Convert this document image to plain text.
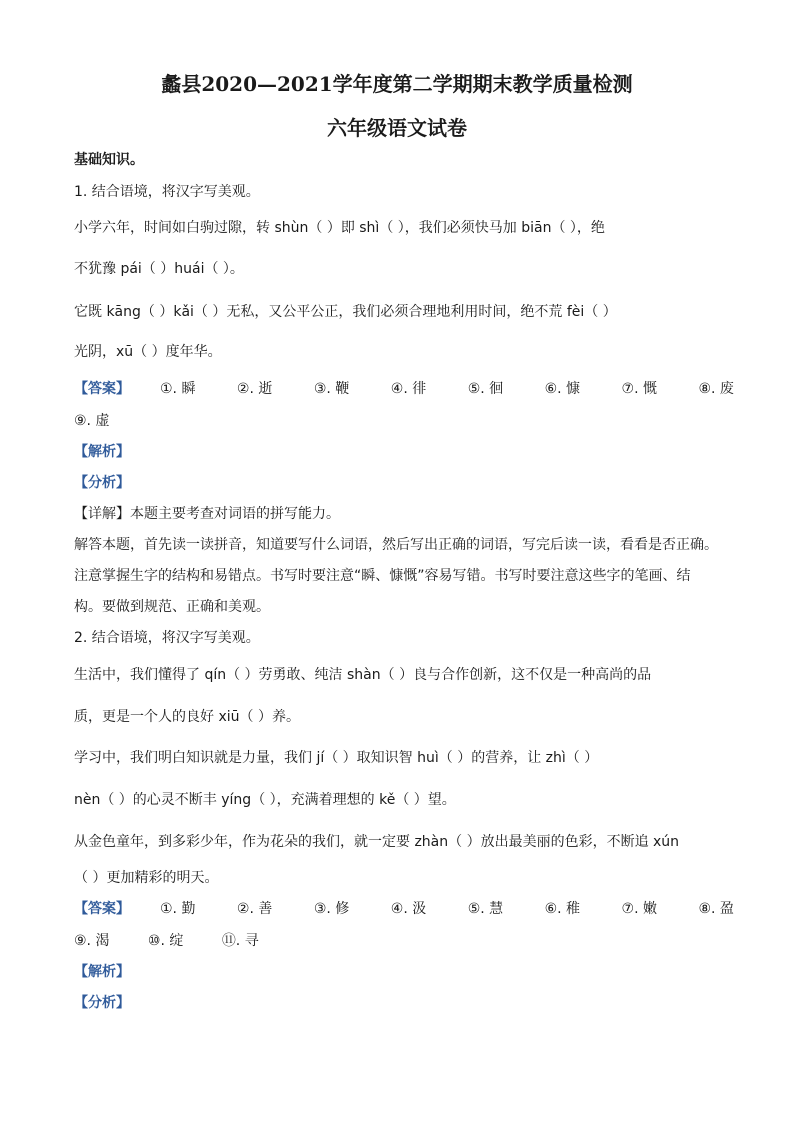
蠡县2020—2021学年度第二学期期末教学质量检测
六年级语文试卷
基础知识。
1. 结合语境，将汉字写美观。
小学六年，时间如白驹过隙，转 shùn（ ）即 shì（ ），我们必须快马加 biān（ ），绝
不犹豫 pái（ ）huái（ ）。
它既 kāng（ ）kǎi（ ）无私，又公平公正，我们必须合理地利用时间，绝不荒 fèi（ ）
光阴，xū（ ）度年华。
【答案】	①. 瞬	②. 逝	③. 鞭	④. 徘	⑤. 徊	⑥. 慷	⑦. 慨	⑧. 废
⑨. 虚
【解析】
【分析】
【详解】本题主要考查对词语的拼写能力。
解答本题，首先读一读拼音，知道要写什么词语，然后写出正确的词语，写完后读一读，看看是否正确。
注意掌握生字的结构和易错点。书写时要注意“瞬、慷慨”容易写错。书写时要注意这些字的笔画、结
构。要做到规范、正确和美观。
2. 结合语境，将汉字写美观。
生活中，我们懂得了 qín（ ）劳勇敢、纯洁 shàn（ ）良与合作创新，这不仅是一种高尚的品
质，更是一个人的良好 xiū（ ）养。
学习中，我们明白知识就是力量，我们 jí（ ）取知识智 huì（ ）的营养，让 zhì（ ）
nèn（ ）的心灵不断丰 yíng（ ），充满着理想的 kě（ ）望。
从金色童年，到多彩少年，作为花朵的我们，就一定要 zhàn（ ）放出最美丽的色彩，不断追 xún
（ ）更加精彩的明天。
【答案】	①. 勤	②. 善	③. 修	④. 汲	⑤. 慧	⑥. 稚	⑦. 嫩	⑧. 盈
⑨. 渴	⑩. 绽	⑪. 寻
【解析】
【分析】
